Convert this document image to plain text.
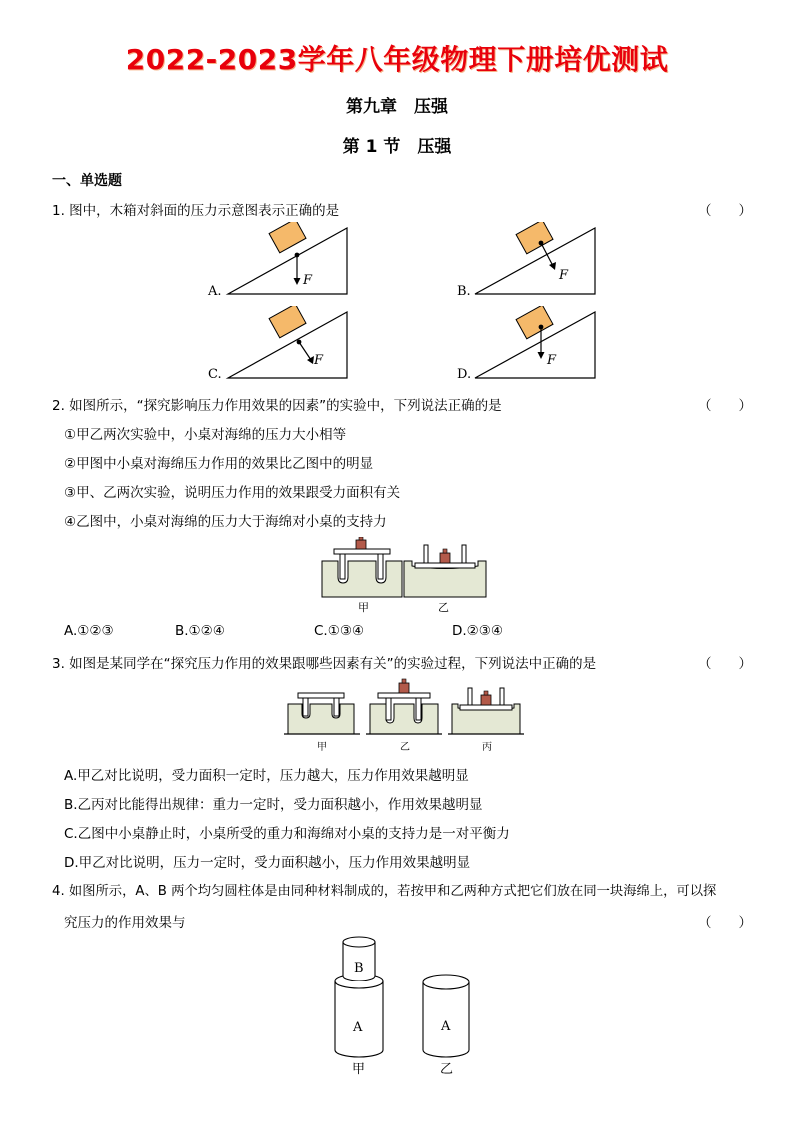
2022-2023学年八年级物理下册培优测试
第九章　压强
第 1 节　压强
一、单选题
1. 图中，木箱对斜面的压力示意图表示正确的是	（　　）
A.	B.
C.	D.
F	F
F	F
2. 如图所示，“探究影响压力作用效果的因素”的实验中，下列说法正确的是	（　　）
①甲乙两次实验中，小桌对海绵的压力大小相等
②甲图中小桌对海绵压力作用的效果比乙图中的明显
③甲、乙两次实验，说明压力作用的效果跟受力面积有关
④乙图中，小桌对海绵的压力大于海绵对小桌的支持力
甲	乙
A.①②③	B.①②④	C.①③④	D.②③④
3. 如图是某同学在“探究压力作用的效果跟哪些因素有关”的实验过程，下列说法中正确的是	（　　）
甲	乙	丙
A.甲乙对比说明，受力面积一定时，压力越大，压力作用效果越明显
B.乙丙对比能得出规律：重力一定时，受力面积越小，作用效果越明显
C.乙图中小桌静止时，小桌所受的重力和海绵对小桌的支持力是一对平衡力
D.甲乙对比说明，压力一定时，受力面积越小，压力作用效果越明显
4. 如图所示，A、B 两个均匀圆柱体是由同种材料制成的，若按甲和乙两种方式把它们放在同一块海绵上，可以探
究压力的作用效果与	（　　）
B
A	A
甲	乙
